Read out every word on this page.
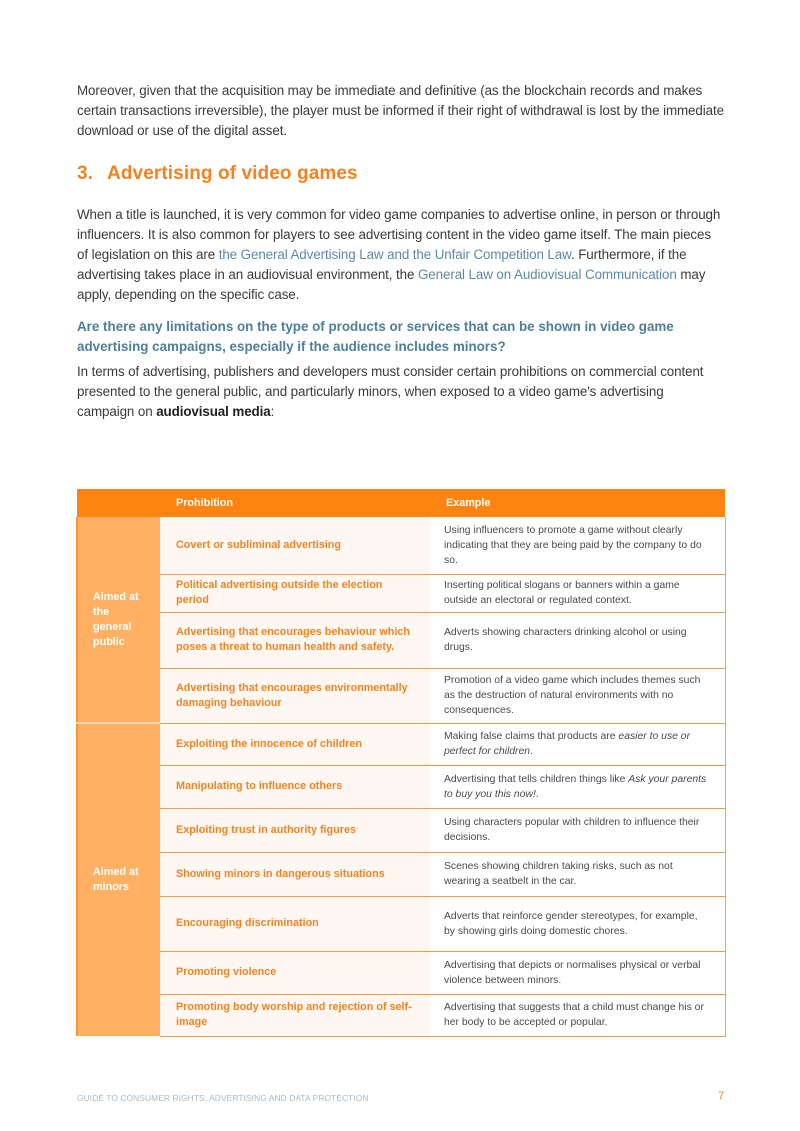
Moreover, given that the acquisition may be immediate and definitive (as the blockchain records and makes certain transactions irreversible), the player must be informed if their right of withdrawal is lost by the immediate download or use of the digital asset.

3. Advertising of video games

When a title is launched, it is very common for video game companies to advertise online, in person or through influencers. It is also common for players to see advertising content in the video game itself. The main pieces of legislation on this are the General Advertising Law and the Unfair Competition Law. Furthermore, if the advertising takes place in an audiovisual environment, the General Law on Audiovisual Communication may apply, depending on the specific case.

Are there any limitations on the type of products or services that can be shown in video game advertising campaigns, especially if the audience includes minors?

In terms of advertising, publishers and developers must consider certain prohibitions on commercial content presented to the general public, and particularly minors, when exposed to a video game's advertising campaign on audiovisual media:

	Prohibition	Example
Aimed at the general public	Covert or subliminal advertising	Using influencers to promote a game without clearly indicating that they are being paid by the company to do so.
	Political advertising outside the election period	Inserting political slogans or banners within a game outside an electoral or regulated context.
	Advertising that encourages behaviour which poses a threat to human health and safety.	Adverts showing characters drinking alcohol or using drugs.
	Advertising that encourages environmentally damaging behaviour	Promotion of a video game which includes themes such as the destruction of natural environments with no consequences.
Aimed at minors	Exploiting the innocence of children	Making false claims that products are easier to use or perfect for children.
	Manipulating to influence others	Advertising that tells children things like Ask your parents to buy you this now!.
	Exploiting trust in authority figures	Using characters popular with children to influence their decisions.
	Showing minors in dangerous situations	Scenes showing children taking risks, such as not wearing a seatbelt in the car.
	Encouraging discrimination	Adverts that reinforce gender stereotypes, for example, by showing girls doing domestic chores.
	Promoting violence	Advertising that depicts or normalises physical or verbal violence between minors.
	Promoting body worship and rejection of self-image	Advertising that suggests that a child must change his or her body to be accepted or popular.
GUIDE TO CONSUMER RIGHTS, ADVERTISING AND DATA PROTECTION	7
